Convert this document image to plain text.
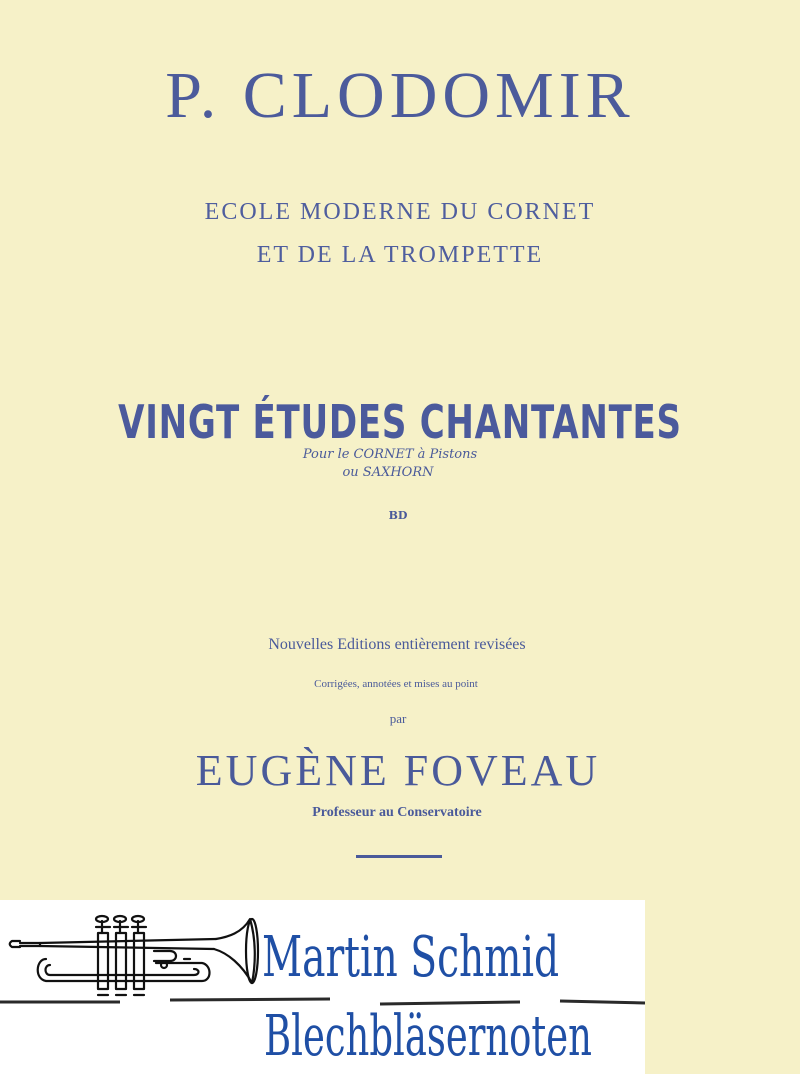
P. CLODOMIR
ECOLE MODERNE DU CORNET
ET DE LA TROMPETTE
VINGT ÉTUDES CHANTANTES
Pour le CORNET à Pistons
ou SAXHORN
BD
Nouvelles Editions entièrement revisées
Corrigées, annotées et mises au point
par
EUGÈNE FOVEAU
Professeur au Conservatoire
Martin Schmid
Blechbläsernoten
